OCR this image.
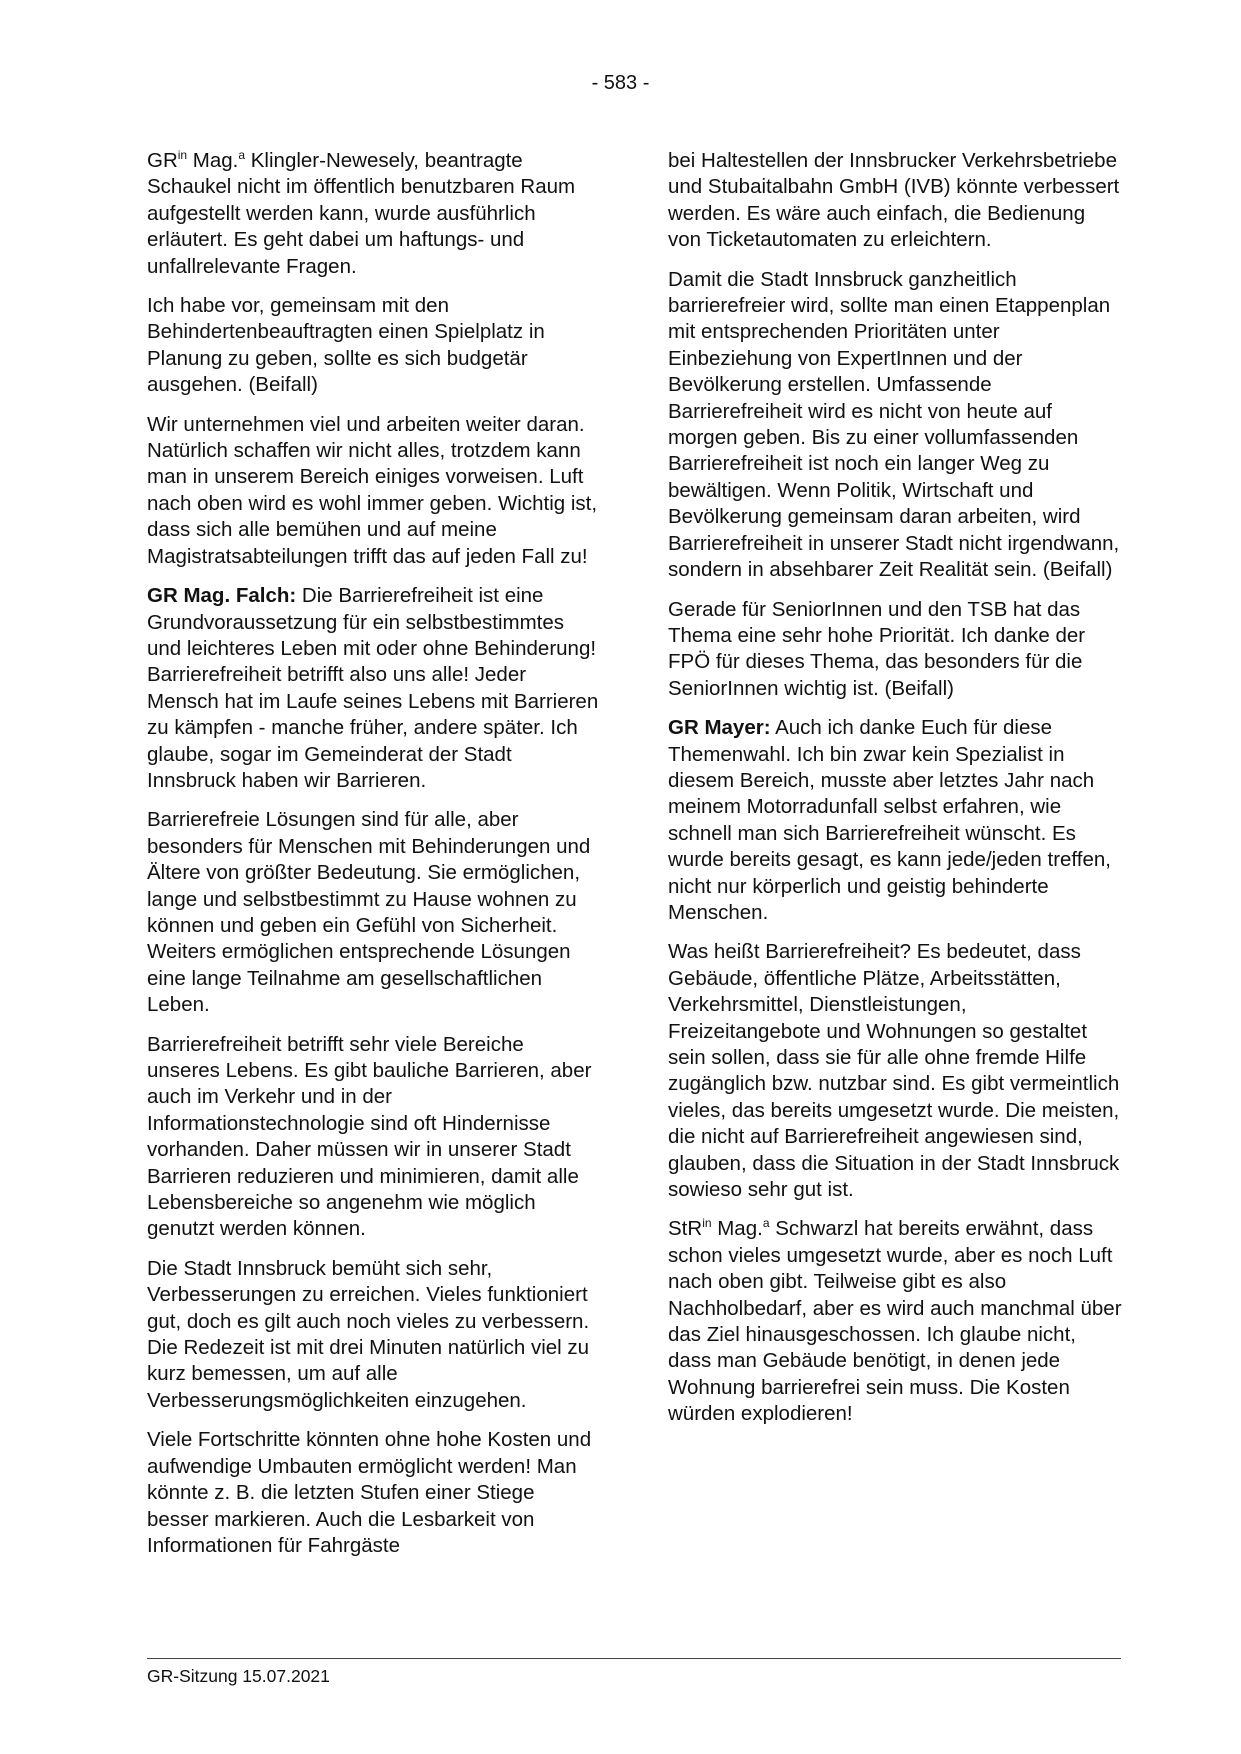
- 583 -

$GR^{in}$ Mag.$^a$ Klingler-Newesely, beantragte Schaukel nicht im öffentlich benutzbaren Raum aufgestellt werden kann, wurde ausführlich erläutert. Es geht dabei um haftungs- und unfallrelevante Fragen.

Ich habe vor, gemeinsam mit den Behindertenbeauftragten einen Spielplatz in Planung zu geben, sollte es sich budgetär ausgehen. (Beifall)

Wir unternehmen viel und arbeiten weiter daran. Natürlich schaffen wir nicht alles, trotzdem kann man in unserem Bereich einiges vorweisen. Luft nach oben wird es wohl immer geben. Wichtig ist, dass sich alle bemühen und auf meine Magistratsabteilungen trifft das auf jeden Fall zu!

GR Mag. Falch: Die Barrierefreiheit ist eine Grundvoraussetzung für ein selbstbestimmtes und leichteres Leben mit oder ohne Behinderung! Barrierefreiheit betrifft also uns alle! Jeder Mensch hat im Laufe seines Lebens mit Barrieren zu kämpfen - manche früher, andere später. Ich glaube, sogar im Gemeinderat der Stadt Innsbruck haben wir Barrieren.

Barrierefreie Lösungen sind für alle, aber besonders für Menschen mit Behinderungen und Ältere von größter Bedeutung. Sie ermöglichen, lange und selbstbestimmt zu Hause wohnen zu können und geben ein Gefühl von Sicherheit. Weiters ermöglichen entsprechende Lösungen eine lange Teilnahme am gesellschaftlichen Leben.

Barrierefreiheit betrifft sehr viele Bereiche unseres Lebens. Es gibt bauliche Barrieren, aber auch im Verkehr und in der Informationstechnologie sind oft Hindernisse vorhanden. Daher müssen wir in unserer Stadt Barrieren reduzieren und minimieren, damit alle Lebensbereiche so angenehm wie möglich genutzt werden können.

Die Stadt Innsbruck bemüht sich sehr, Verbesserungen zu erreichen. Vieles funktioniert gut, doch es gilt auch noch vieles zu verbessern. Die Redezeit ist mit drei Minuten natürlich viel zu kurz bemessen, um auf alle Verbesserungsmöglichkeiten einzugehen.

Viele Fortschritte könnten ohne hohe Kosten und aufwendige Umbauten ermöglicht werden! Man könnte z. B. die letzten Stufen einer Stiege besser markieren. Auch die Lesbarkeit von Informationen für Fahrgäste

bei Haltestellen der Innsbrucker Verkehrsbetriebe und Stubaitalbahn GmbH (IVB) könnte verbessert werden. Es wäre auch einfach, die Bedienung von Ticketautomaten zu erleichtern.

Damit die Stadt Innsbruck ganzheitlich barrierefreier wird, sollte man einen Etappenplan mit entsprechenden Prioritäten unter Einbeziehung von ExpertInnen und der Bevölkerung erstellen. Umfassende Barrierefreiheit wird es nicht von heute auf morgen geben. Bis zu einer vollumfassenden Barrierefreiheit ist noch ein langer Weg zu bewältigen. Wenn Politik, Wirtschaft und Bevölkerung gemeinsam daran arbeiten, wird Barrierefreiheit in unserer Stadt nicht irgendwann, sondern in absehbarer Zeit Realität sein. (Beifall)

Gerade für SeniorInnen und den TSB hat das Thema eine sehr hohe Priorität. Ich danke der FPÖ für dieses Thema, das besonders für die SeniorInnen wichtig ist. (Beifall)

GR Mayer: Auch ich danke Euch für diese Themenwahl. Ich bin zwar kein Spezialist in diesem Bereich, musste aber letztes Jahr nach meinem Motorradunfall selbst erfahren, wie schnell man sich Barrierefreiheit wünscht. Es wurde bereits gesagt, es kann jede/jeden treffen, nicht nur körperlich und geistig behinderte Menschen.

Was heißt Barrierefreiheit? Es bedeutet, dass Gebäude, öffentliche Plätze, Arbeitsstätten, Verkehrsmittel, Dienstleistungen, Freizeitangebote und Wohnungen so gestaltet sein sollen, dass sie für alle ohne fremde Hilfe zugänglich bzw. nutzbar sind. Es gibt vermeintlich vieles, das bereits umgesetzt wurde. Die meisten, die nicht auf Barrierefreiheit angewiesen sind, glauben, dass die Situation in der Stadt Innsbruck sowieso sehr gut ist.

StR$^{in}$ Mag.$^a$ Schwarzl hat bereits erwähnt, dass schon vieles umgesetzt wurde, aber es noch Luft nach oben gibt. Teilweise gibt es also Nachholbedarf, aber es wird auch manchmal über das Ziel hinausgeschossen. Ich glaube nicht, dass man Gebäude benötigt, in denen jede Wohnung barrierefrei sein muss. Die Kosten würden explodieren!

GR-Sitzung 15.07.2021
